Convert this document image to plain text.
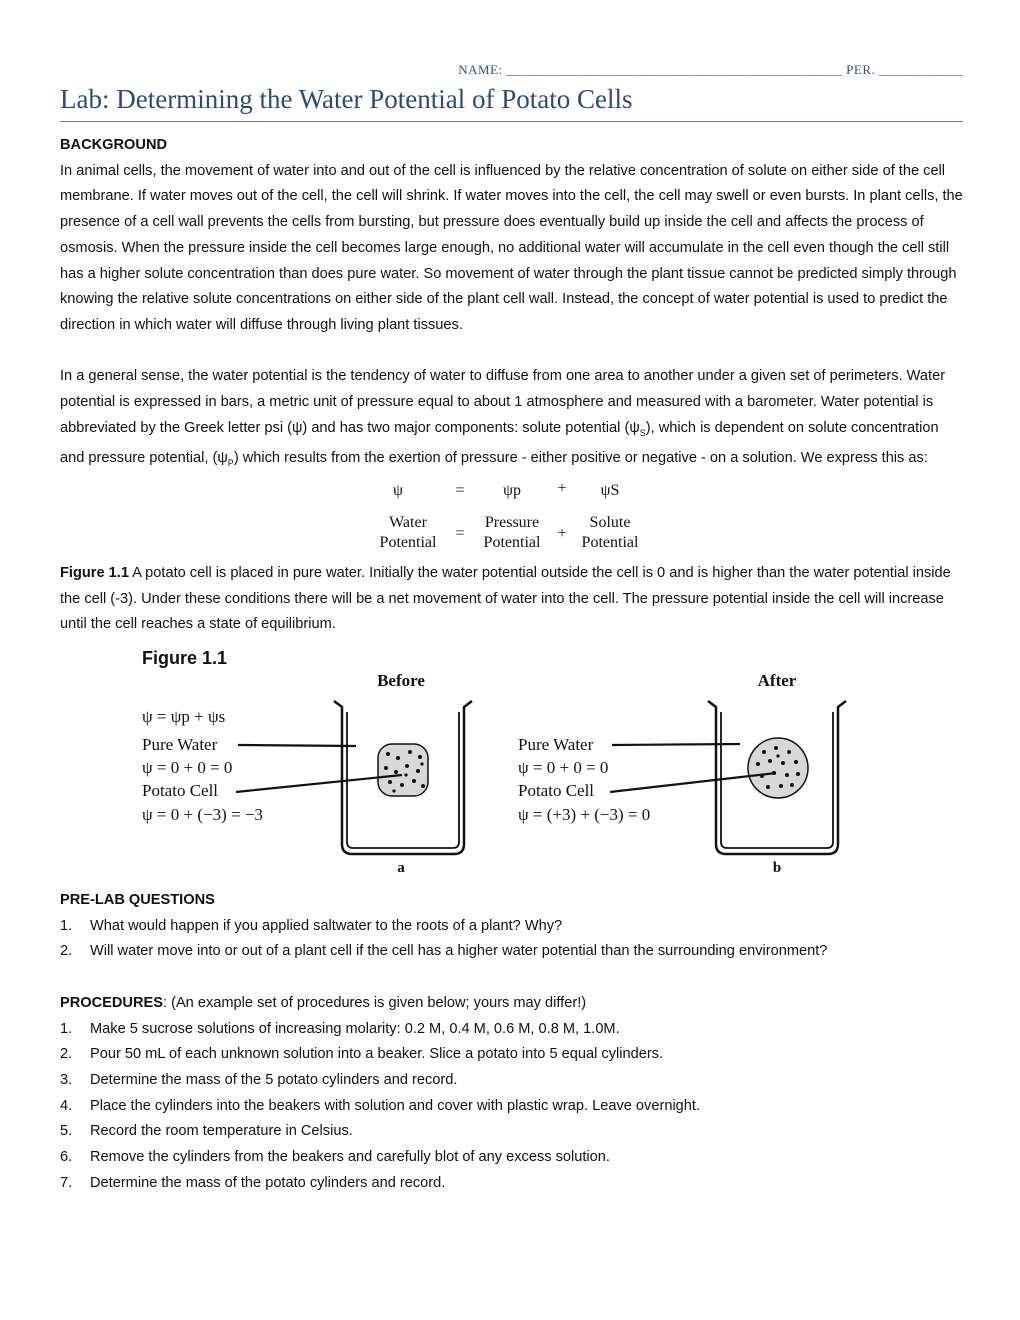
NAME: ________________________________________________ PER. ____________
Lab: Determining the Water Potential of Potato Cells

BACKGROUND

In animal cells, the movement of water into and out of the cell is influenced by the relative concentration of solute on either side of the cell membrane. If water moves out of the cell, the cell will shrink. If water moves into the cell, the cell may swell or even bursts. In plant cells, the presence of a cell wall prevents the cells from bursting, but pressure does eventually build up inside the cell and affects the process of osmosis. When the pressure inside the cell becomes large enough, no additional water will accumulate in the cell even though the cell still has a higher solute concentration than does pure water. So movement of water through the plant tissue cannot be predicted simply through knowing the relative solute concentrations on either side of the plant cell wall. Instead, the concept of water potential is used to predict the direction in which water will diffuse through living plant tissues.

In a general sense, the water potential is the tendency of water to diffuse from one area to another under a given set of perimeters. Water potential is expressed in bars, a metric unit of pressure equal to about 1 atmosphere and measured with a barometer. Water potential is abbreviated by the Greek letter psi (ψ) and has two major components: solute potential $(\psi_S)$, which is dependent on solute concentration and pressure potential, $(\psi_P)$ which results from the exertion of pressure - either positive or negative - on a solution. We express this as:

ψ	= ψp + ψS
Water
Potential
=
Pressure
Potential
+
Solute
Potential

Figure 1.1 A potato cell is placed in pure water. Initially the water potential outside the cell is 0 and is higher than the water potential inside the cell (-3). Under these conditions there will be a net movement of water into the cell. The pressure potential inside the cell will increase until the cell reaches a state of equilibrium.

Figure 1.1
Before	After
a
ψ = ψp + ψs
Pure Water
ψ = 0 + 0 = 0
Potato Cell
ψ = 0 + (−3) = −3
b
Pure Water
ψ = 0 + 0 = 0
Potato Cell
ψ = (+3) + (−3) = 0

PRE-LAB QUESTIONS

1. What would happen if you applied saltwater to the roots of a plant? Why?
2. Will water move into or out of a plant cell if the cell has a higher water potential than the surrounding environment?

PROCEDURES: (An example set of procedures is given below; yours may differ!)

1. Make 5 sucrose solutions of increasing molarity: 0.2 M, 0.4 M, 0.6 M, 0.8 M, 1.0M.
2. Pour 50 mL of each unknown solution into a beaker. Slice a potato into 5 equal cylinders.
3. Determine the mass of the 5 potato cylinders and record.
4. Place the cylinders into the beakers with solution and cover with plastic wrap. Leave overnight.
5. Record the room temperature in Celsius.
6. Remove the cylinders from the beakers and carefully blot of any excess solution.
7. Determine the mass of the potato cylinders and record.
